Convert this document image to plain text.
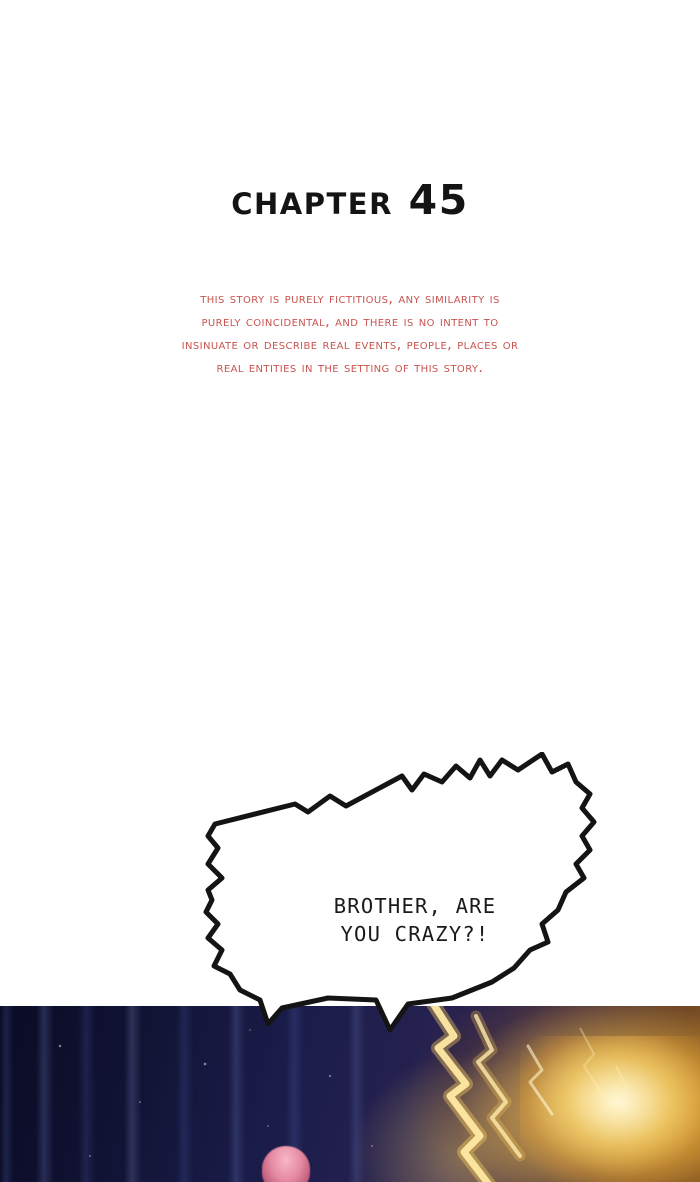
chapter 45
this story is purely fictitious, any similarity is
purely coincidental, and there is no intent to
insinuate or describe real events, people, places or
real entities in the setting of this story.
BROTHER, ARE
YOU CRAZY?!
